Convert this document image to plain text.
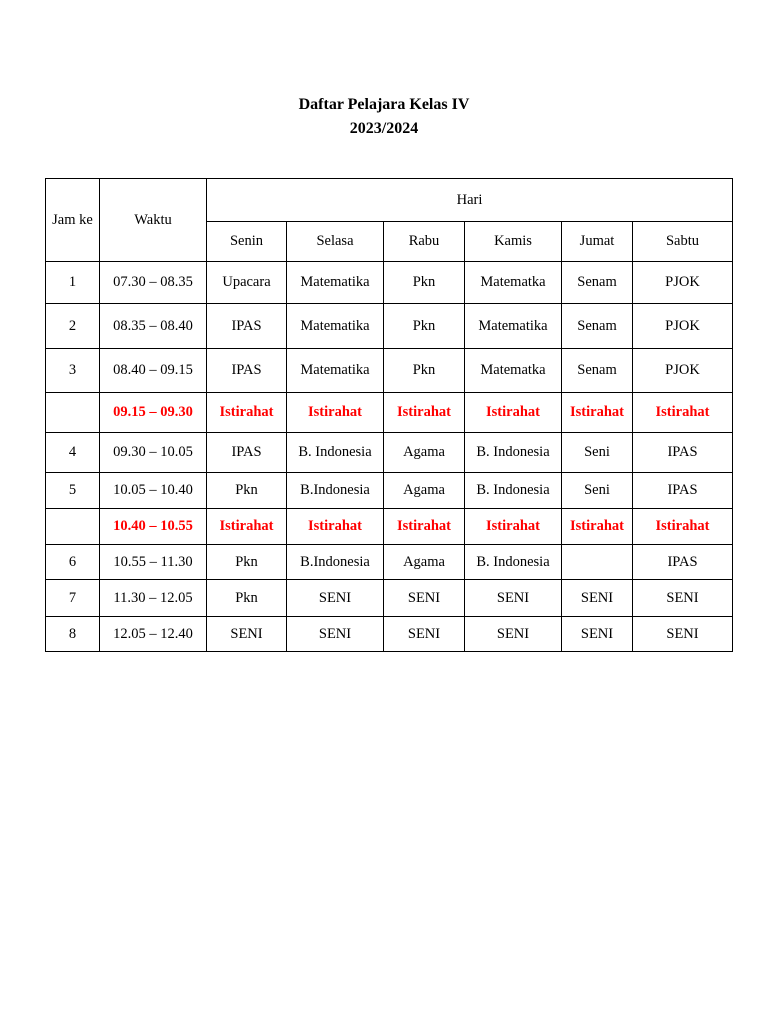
Daftar Pelajara Kelas IV
2023/2024
Jam ke	Waktu	Hari					
		Senin	Selasa	Rabu	Kamis	Jumat	Sabtu
1	07.30 – 08.35	Upacara	Matematika	Pkn	Matematka	Senam	PJOK
2	08.35 – 08.40	IPAS	Matematika	Pkn	Matematika	Senam	PJOK
3	08.40 – 09.15	IPAS	Matematika	Pkn	Matematka	Senam	PJOK
	09.15 – 09.30	Istirahat	Istirahat	Istirahat	Istirahat	Istirahat	Istirahat
4	09.30 – 10.05	IPAS	B. Indonesia	Agama	B. Indonesia	Seni	IPAS
5	10.05 – 10.40	Pkn	B.Indonesia	Agama	B. Indonesia	Seni	IPAS
	10.40 – 10.55	Istirahat	Istirahat	Istirahat	Istirahat	Istirahat	Istirahat
6	10.55 – 11.30	Pkn	B.Indonesia	Agama	B. Indonesia		IPAS
7	11.30 – 12.05	Pkn	SENI	SENI	SENI	SENI	SENI
8	12.05 – 12.40	SENI	SENI	SENI	SENI	SENI	SENI
